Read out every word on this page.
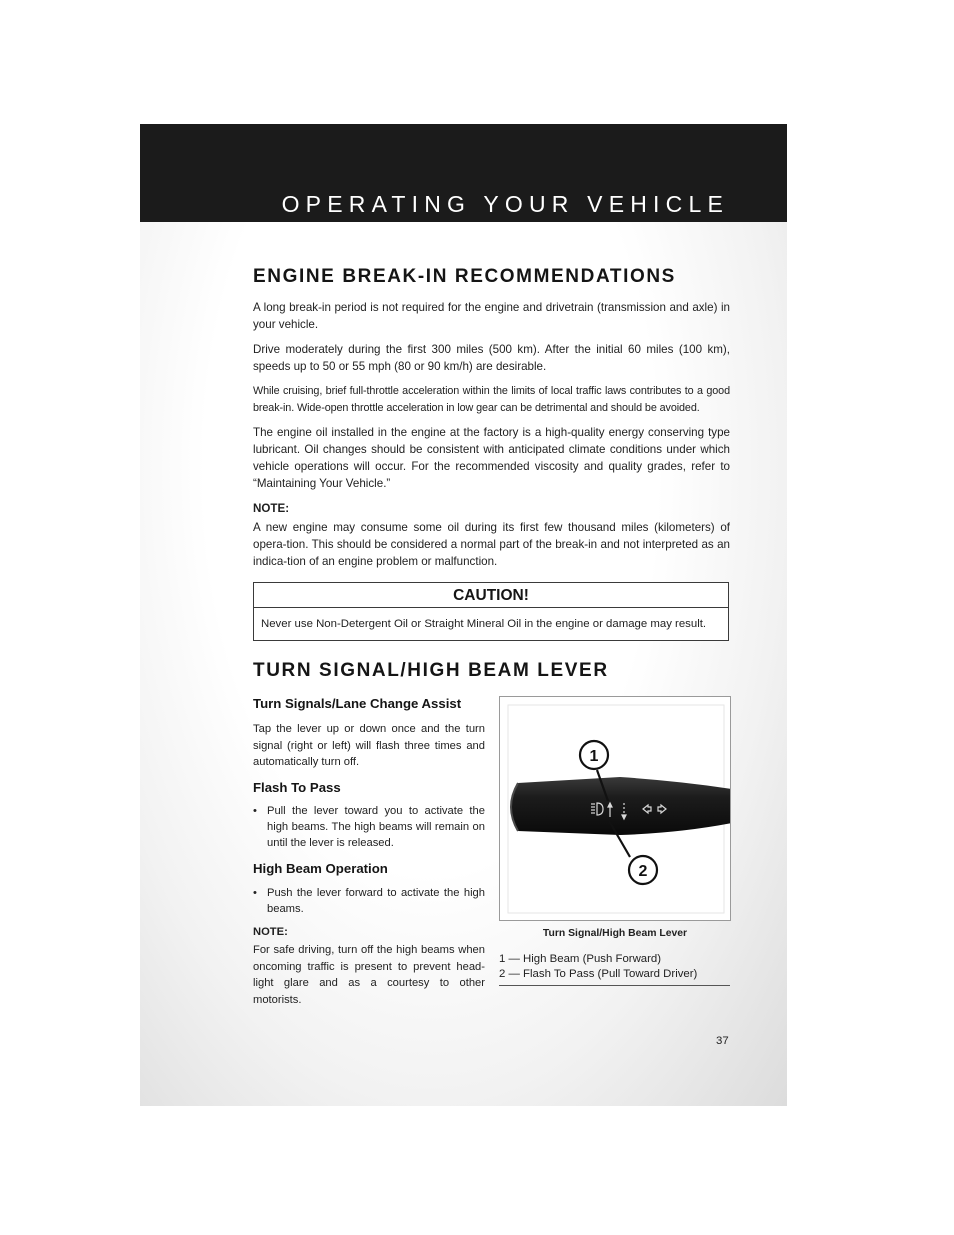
OPERATING YOUR VEHICLE
ENGINE BREAK-IN RECOMMENDATIONS

A long break-in period is not required for the engine and drivetrain (transmission and axle) in your vehicle.

Drive moderately during the first 300 miles (500 km). After the initial 60 miles (100 km), speeds up to 50 or 55 mph (80 or 90 km/h) are desirable.

While cruising, brief full-throttle acceleration within the limits of local traffic laws contributes to a good break-in. Wide-open throttle acceleration in low gear can be detrimental and should be avoided.

The engine oil installed in the engine at the factory is a high-quality energy conserving type lubricant. Oil changes should be consistent with anticipated climate conditions under which vehicle operations will occur. For the recommended viscosity and quality grades, refer to “Maintaining Your Vehicle.”

NOTE:

A new engine may consume some oil during its first few thousand miles (kilometers) of opera-tion. This should be considered a normal part of the break-in and not interpreted as an indica-tion of an engine problem or malfunction.

CAUTION!
Never use Non-Detergent Oil or Straight Mineral Oil in the engine or damage may result.
TURN SIGNAL/HIGH BEAM LEVER

Turn Signals/Lane Change Assist

Tap the lever up or down once and the turn signal (right or left) will flash three times and automatically turn off.

Flash To Pass

• Pull the lever toward you to activate the high beams. The high beams will remain on until the lever is released.

High Beam Operation

• Push the lever forward to activate the high beams.

NOTE:

For safe driving, turn off the high beams when oncoming traffic is present to prevent head-light glare and as a courtesy to other motorists.

1
2

Turn Signal/High Beam Lever

1 — High Beam (Push Forward)
2 — Flash To Pass (Pull Toward Driver)

37
